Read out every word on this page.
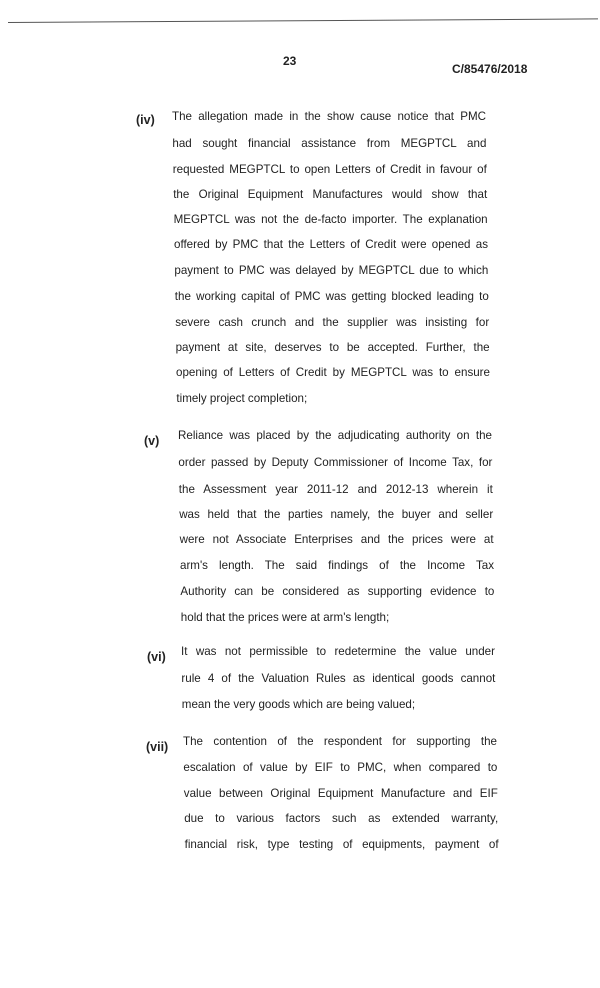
23
C/85476/2018
(iv) The allegation made in the show cause notice that PMC
had sought financial assistance from MEGPTCL and
requested MEGPTCL to open Letters of Credit in favour of
the Original Equipment Manufactures would show that
MEGPTCL was not the de-facto importer. The explanation
offered by PMC that the Letters of Credit were opened as
payment to PMC was delayed by MEGPTCL due to which
the working capital of PMC was getting blocked leading to
severe cash crunch and the supplier was insisting for
payment at site, deserves to be accepted. Further, the
opening of Letters of Credit by MEGPTCL was to ensure
timely project completion;
(v) Reliance was placed by the adjudicating authority on the
order passed by Deputy Commissioner of Income Tax, for
the Assessment year 2011-12 and 2012-13 wherein it
was held that the parties namely, the buyer and seller
were not Associate Enterprises and the prices were at
arm's length. The said findings of the Income Tax
Authority can be considered as supporting evidence to
hold that the prices were at arm's length;
(vi) It was not permissible to redetermine the value under
rule 4 of the Valuation Rules as identical goods cannot
mean the very goods which are being valued;
(vii) The contention of the respondent for supporting the
escalation of value by EIF to PMC, when compared to
value between Original Equipment Manufacture and EIF
due to various factors such as extended warranty,
financial risk, type testing of equipments, payment of
